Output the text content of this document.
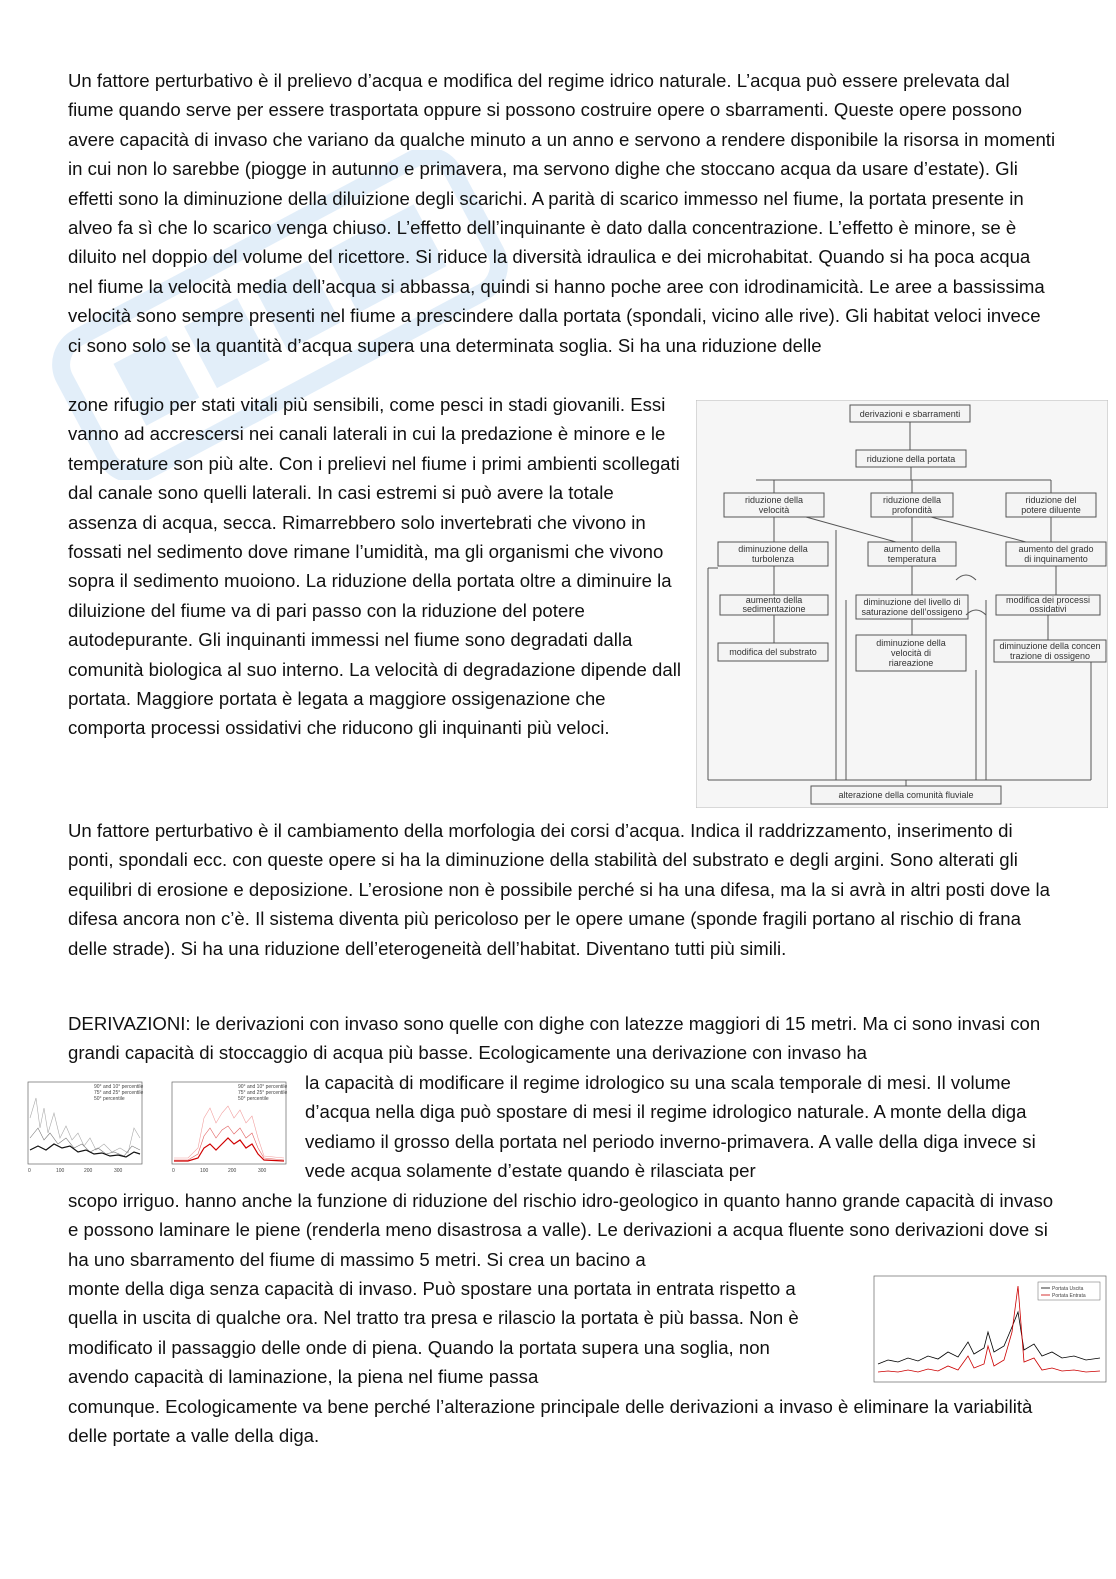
Un fattore perturbativo è il prelievo d’acqua e modifica del regime idrico naturale. L’acqua può essere prelevata dal fiume quando serve per essere trasportata oppure si possono costruire opere o sbarramenti. Queste opere possono avere capacità di invaso che variano da qualche minuto a un anno e servono a rendere disponibile la risorsa in momenti in cui non lo sarebbe (piogge in autunno e primavera, ma servono dighe che stoccano acqua da usare d’estate). Gli effetti sono la diminuzione della diluizione degli scarichi. A parità di scarico immesso nel fiume, la portata presente in alveo fa sì che lo scarico venga chiuso. L’effetto dell’inquinante è dato dalla concentrazione. L’effetto è minore, se è diluito nel doppio del volume del ricettore. Si riduce la diversità idraulica e dei microhabitat. Quando si ha poca acqua nel fiume la velocità media dell’acqua si abbassa, quindi si hanno poche aree con idrodinamicità. Le aree a bassissima velocità sono sempre presenti nel fiume a prescindere dalla portata (spondali, vicino alle rive). Gli habitat veloci invece ci sono solo se la quantità d’acqua supera una determinata soglia. Si ha una riduzione delle

zone rifugio per stati vitali più sensibili, come pesci in stadi giovanili. Essi vanno ad accrescersi nei canali laterali in cui la predazione è minore e le temperature son più alte. Con i prelievi nel fiume i primi ambienti scollegati dal canale sono quelli laterali. In casi estremi si può avere la totale assenza di acqua, secca. Rimarrebbero solo invertebrati che vivono in fossati nel sedimento dove rimane l’umidità, ma gli organismi che vivono sopra il sedimento muoiono. La riduzione della portata oltre a diminuire la diluizione del fiume va di pari passo con la riduzione del potere autodepurante. Gli inquinanti immessi nel fiume sono degradati dalla comunità biologica al suo interno. La velocità di degradazione dipende dall portata. Maggiore portata è legata a maggiore ossigenazione che comporta processi ossidativi che riducono gli inquinanti più veloci.

derivazioni e sbarramenti
riduzione della portata
riduzione della
velocità
riduzione della
profondità
riduzione del
potere diluente
diminuzione della
turbolenza
aumento della
temperatura
aumento del grado
di inquinamento
aumento della
sedimentazione
diminuzione del livello di
saturazione dell’ossigeno
modifica dei processi
ossidativi
modifica del substrato
diminuzione della
velocità di
riareazione
diminuzione della concen
trazione di ossigeno
alterazione della comunità fluviale

Un fattore perturbativo è il cambiamento della morfologia dei corsi d’acqua. Indica il raddrizzamento, inserimento di ponti, spondali ecc. con queste opere si ha la diminuzione della stabilità del substrato e degli argini. Sono alterati gli equilibri di erosione e deposizione. L’erosione non è possibile perché si ha una difesa, ma la si avrà in altri posti dove la difesa ancora non c’è. Il sistema diventa più pericoloso per le opere umane (sponde fragili portano al rischio di frana delle strade). Si ha una riduzione dell’eterogeneità dell’habitat. Diventano tutti più simili.

DERIVAZIONI: le derivazioni con invaso sono quelle con dighe con latezze maggiori di 15 metri. Ma ci sono invasi con grandi capacità di stoccaggio di acqua più basse. Ecologicamente una derivazione con invaso ha

90° and 10° percentile
75° and 25° percentile
50° percentile
0	100	200	300
90° and 10° percentile
75° and 25° percentile
50° percentile
0	100	200	300

la capacità di modificare il regime idrologico su una scala temporale di mesi. Il volume d’acqua nella diga può spostare di mesi il regime idrologico naturale. A monte della diga vediamo il grosso della portata nel periodo inverno-primavera. A valle della diga invece si vede acqua solamente d’estate quando è rilasciata per

scopo irriguo. hanno anche la funzione di riduzione del rischio idro-geologico in quanto hanno grande capacità di invaso e possono laminare le piene (renderla meno disastrosa a valle). Le derivazioni a acqua fluente sono derivazioni dove si ha uno sbarramento del fiume di massimo 5 metri. Si crea un bacino a

monte della diga senza capacità di invaso. Può spostare una portata in entrata rispetto a quella in uscita di qualche ora. Nel tratto tra presa e rilascio la portata è più bassa. Non è modificato il passaggio delle onde di piena. Quando la portata supera una soglia, non avendo capacità di laminazione, la piena nel fiume passa

Portata Uscita
Portata Entrata

comunque. Ecologicamente va bene perché l’alterazione principale delle derivazioni a invaso è eliminare la variabilità delle portate a valle della diga.
